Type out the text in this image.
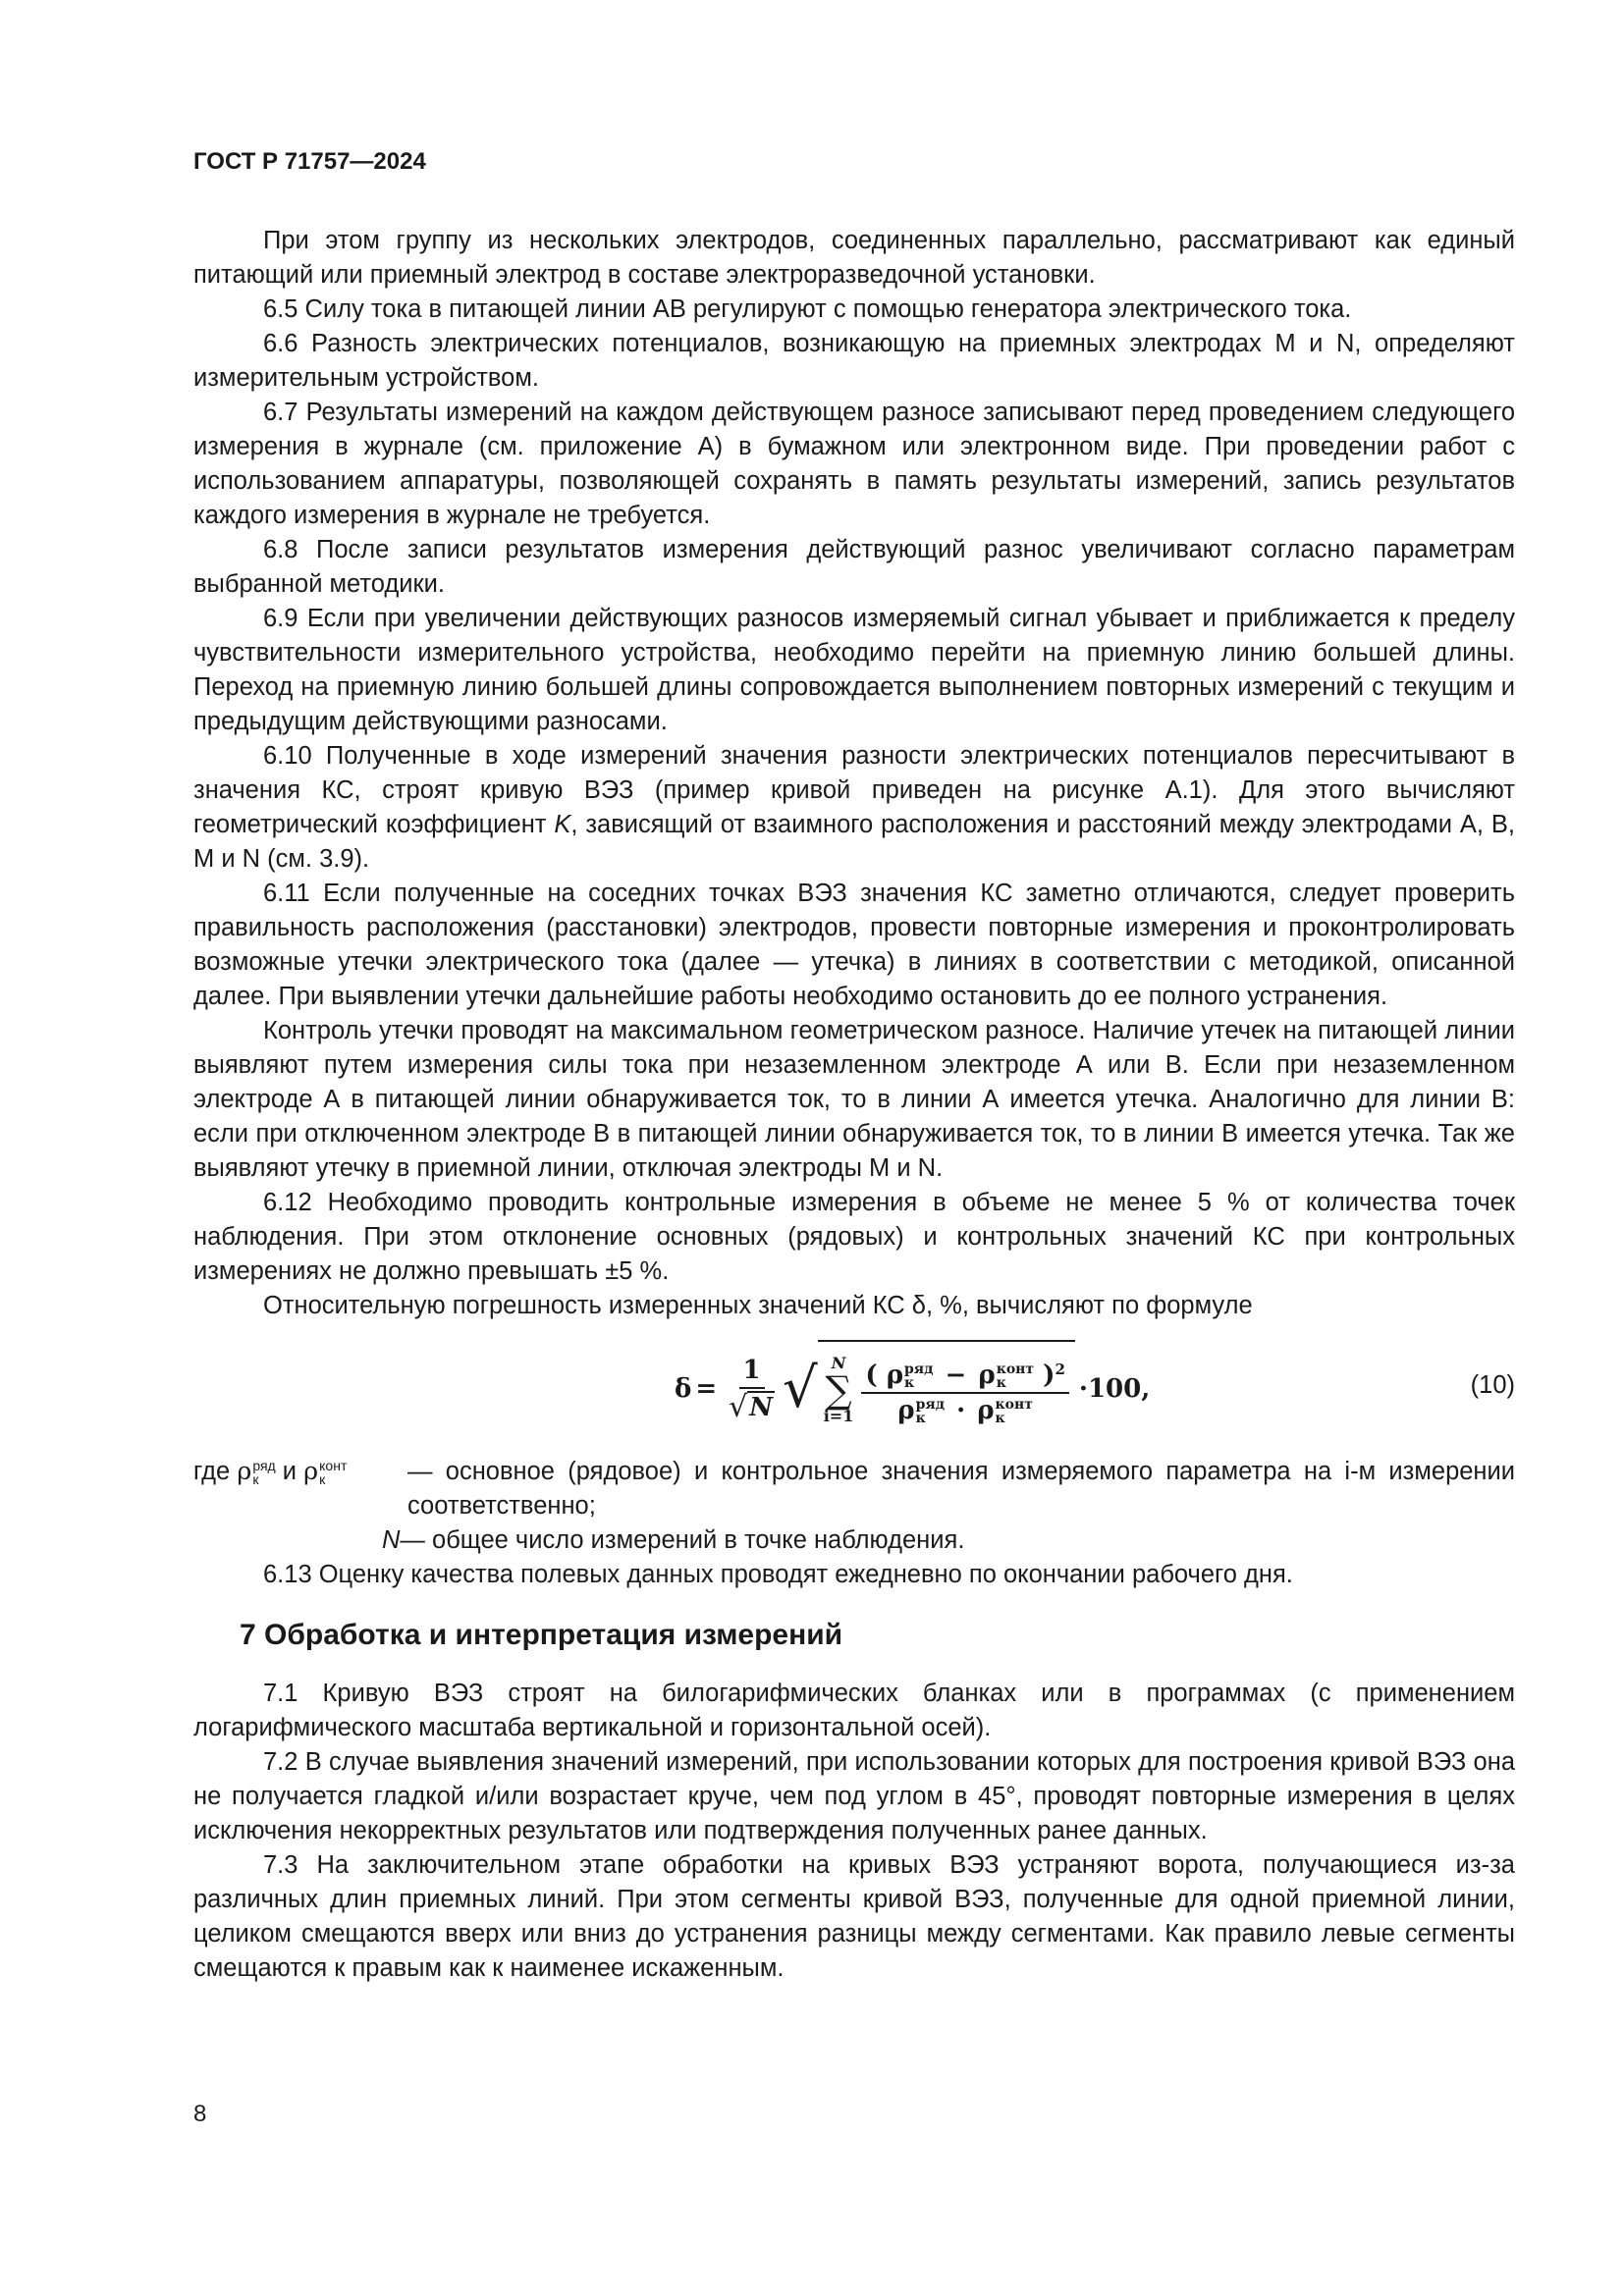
ГОСТ Р 71757—2024

При этом группу из нескольких электродов, соединенных параллельно, рассматривают как единый питающий или приемный электрод в составе электроразведочной установки.

6.5 Силу тока в питающей линии АВ регулируют с помощью генератора электрического тока.

6.6 Разность электрических потенциалов, возникающую на приемных электродах M и N, определяют измерительным устройством.

6.7 Результаты измерений на каждом действующем разносе записывают перед проведением следующего измерения в журнале (см. приложение А) в бумажном или электронном виде. При проведении работ с использованием аппаратуры, позволяющей сохранять в память результаты измерений, запись результатов каждого измерения в журнале не требуется.

6.8 После записи результатов измерения действующий разнос увеличивают согласно параметрам выбранной методики.

6.9 Если при увеличении действующих разносов измеряемый сигнал убывает и приближается к пределу чувствительности измерительного устройства, необходимо перейти на приемную линию большей длины. Переход на приемную линию большей длины сопровождается выполнением повторных измерений с текущим и предыдущим действующими разносами.

6.10 Полученные в ходе измерений значения разности электрических потенциалов пересчитывают в значения КС, строят кривую ВЭЗ (пример кривой приведен на рисунке А.1). Для этого вычисляют геометрический коэффициент K, зависящий от взаимного расположения и расстояний между электродами А, В, M и N (см. 3.9).

6.11 Если полученные на соседних точках ВЭЗ значения КС заметно отличаются, следует проверить правильность расположения (расстановки) электродов, провести повторные измерения и проконтролировать возможные утечки электрического тока (далее — утечка) в линиях в соответствии с методикой, описанной далее. При выявлении утечки дальнейшие работы необходимо остановить до ее полного устранения.

Контроль утечки проводят на максимальном геометрическом разносе. Наличие утечек на питающей линии выявляют путем измерения силы тока при незаземленном электроде А или В. Если при незаземленном электроде А в питающей линии обнаруживается ток, то в линии А имеется утечка. Аналогично для линии В: если при отключенном электроде В в питающей линии обнаруживается ток, то в линии В имеется утечка. Так же выявляют утечку в приемной линии, отключая электроды M и N.

6.12 Необходимо проводить контрольные измерения в объеме не менее 5 % от количества точек наблюдения. При этом отклонение основных (рядовых) и контрольных значений КС при контрольных измерениях не должно превышать ±5 %.

Относительную погрешность измеренных значений КС δ, %, вычисляют по формуле

$\delta = \frac{1}{√ N}$ √ N
∑
i=1
( ρ ряд
к	− ρ конт
к	)$^2$
ρ ряд
к	· ρ конт
к
·100,	(10)
где ρ ряд
к и ρ конт
к	— основное (рядовое) и контрольное значения измеряемого параметра на i-м измерении соответственно;
N — общее число измерений в точке наблюдения.

6.13 Оценку качества полевых данных проводят ежедневно по окончании рабочего дня.

7 Обработка и интерпретация измерений

7.1 Кривую ВЭЗ строят на билогарифмических бланках или в программах (с применением логарифмического масштаба вертикальной и горизонтальной осей).

7.2 В случае выявления значений измерений, при использовании которых для построения кривой ВЭЗ она не получается гладкой и/или возрастает круче, чем под углом в 45°, проводят повторные измерения в целях исключения некорректных результатов или подтверждения полученных ранее данных.

7.3 На заключительном этапе обработки на кривых ВЭЗ устраняют ворота, получающиеся из-за различных длин приемных линий. При этом сегменты кривой ВЭЗ, полученные для одной приемной линии, целиком смещаются вверх или вниз до устранения разницы между сегментами. Как правило левые сегменты смещаются к правым как к наименее искаженным.

8
